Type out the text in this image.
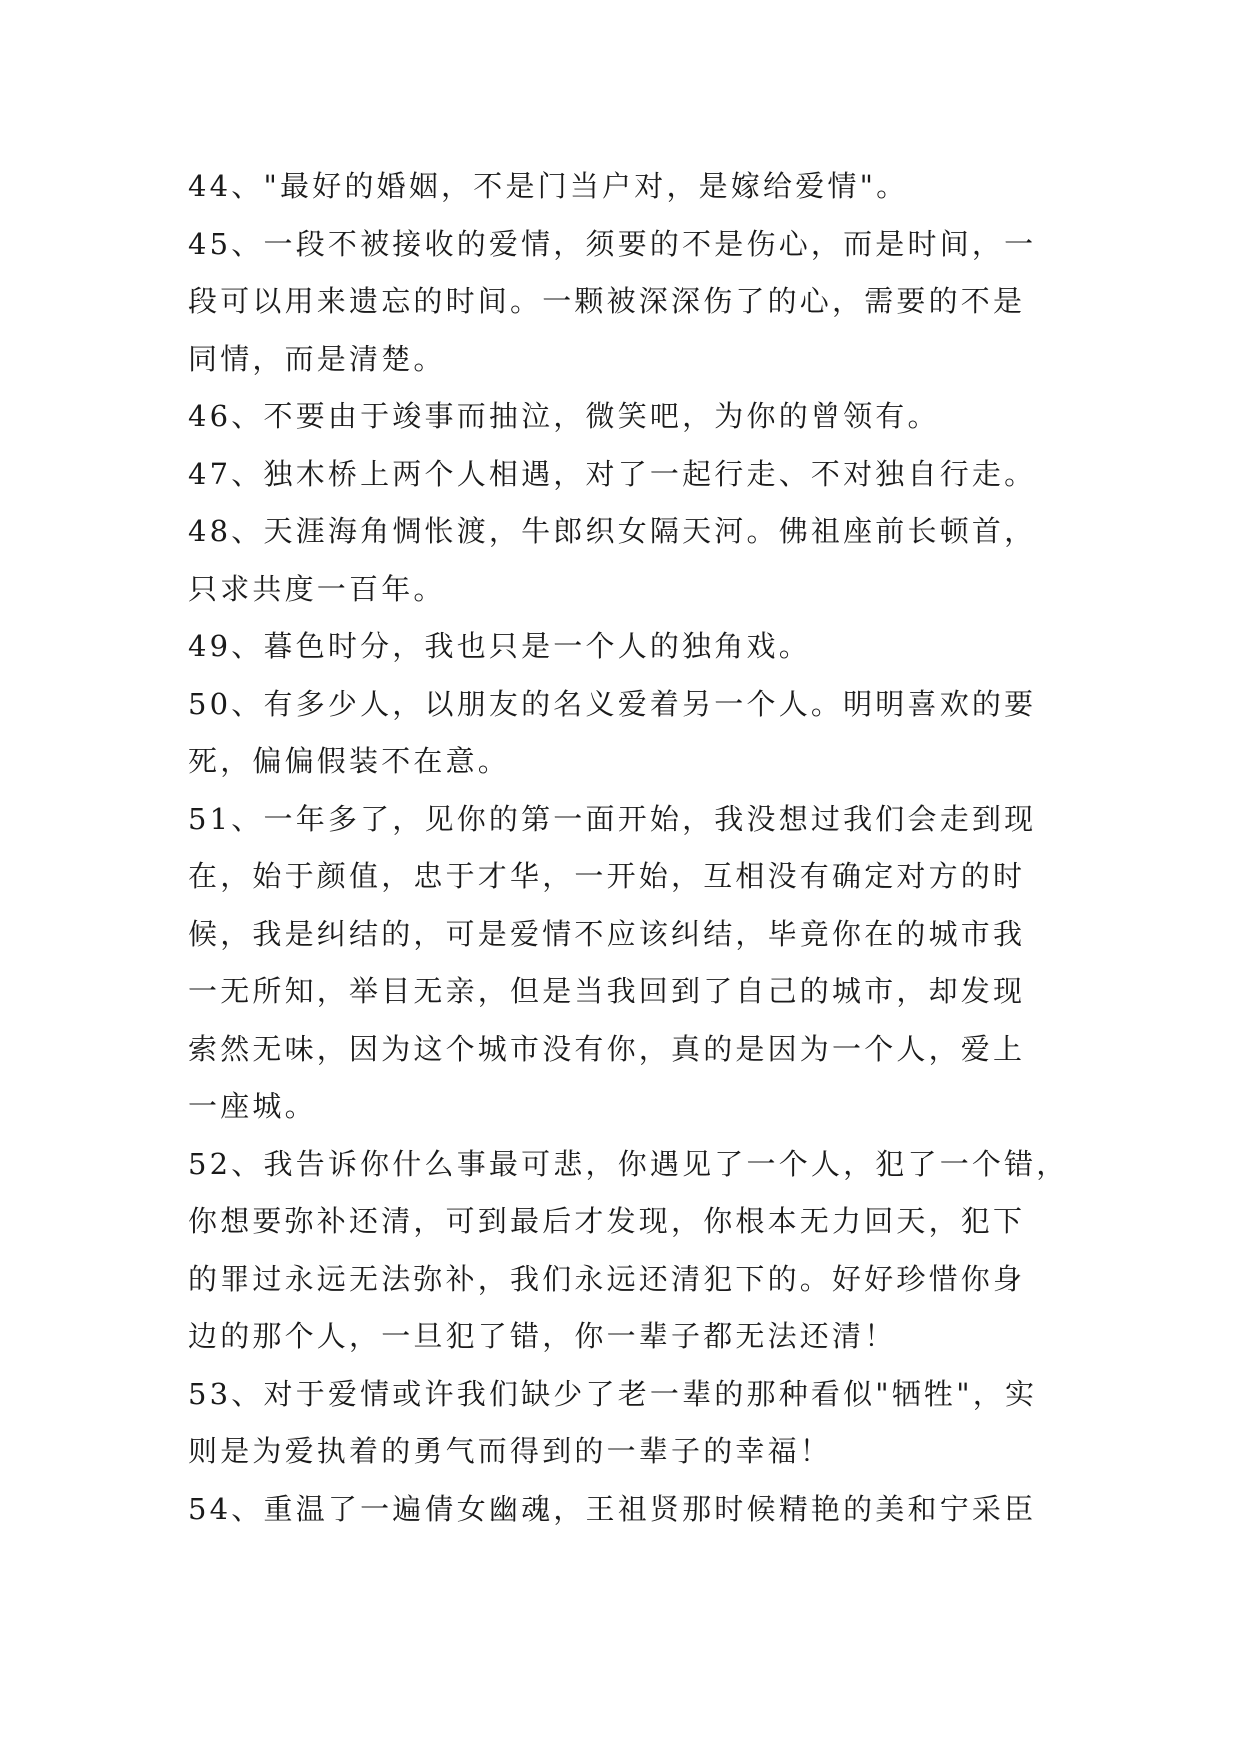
44、"最好的婚姻，不是门当户对，是嫁给爱情"。
45、一段不被接收的爱情，须要的不是伤心，而是时间，一
段可以用来遗忘的时间。一颗被深深伤了的心，需要的不是
同情，而是清楚。
46、不要由于竣事而抽泣，微笑吧，为你的曾领有。
47、独木桥上两个人相遇，对了一起行走、不对独自行走。
48、天涯海角惆怅渡，牛郎织女隔天河。佛祖座前长顿首，
只求共度一百年。
49、暮色时分，我也只是一个人的独角戏。
50、有多少人，以朋友的名义爱着另一个人。明明喜欢的要
死，偏偏假装不在意。
51、一年多了，见你的第一面开始，我没想过我们会走到现
在，始于颜值，忠于才华，一开始，互相没有确定对方的时
候，我是纠结的，可是爱情不应该纠结，毕竟你在的城市我
一无所知，举目无亲，但是当我回到了自己的城市，却发现
索然无味，因为这个城市没有你，真的是因为一个人，爱上
一座城。
52、我告诉你什么事最可悲，你遇见了一个人，犯了一个错，
你想要弥补还清，可到最后才发现，你根本无力回天，犯下
的罪过永远无法弥补，我们永远还清犯下的。好好珍惜你身
边的那个人，一旦犯了错，你一辈子都无法还清！
53、对于爱情或许我们缺少了老一辈的那种看似"牺牲"，实
则是为爱执着的勇气而得到的一辈子的幸福！
54、重温了一遍倩女幽魂，王祖贤那时候精艳的美和宁采臣
